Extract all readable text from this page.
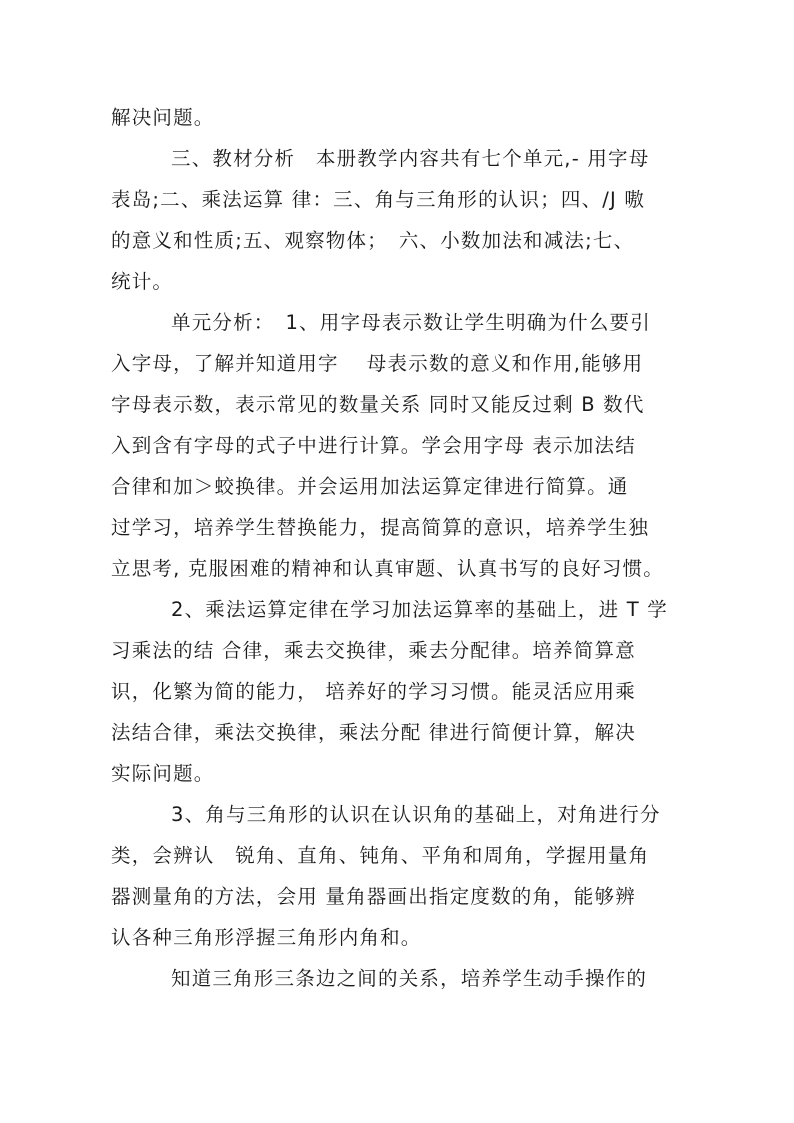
解决问题。
三、教材分析　本册教学内容共有七个单元,- 用字母
表岛;二、乘法运算 律：三、角与三角形的认识；四、/J 嗷
的意义和性质;五、观察物体；　六、小数加法和减法;七、
统计。
单元分析：　1、用字母表示数让学生明确为什么要引
入字母，了解并知道用字　 母表示数的意义和作用,能够用
字母表示数，表示常见的数量关系 同时又能反过剩 B 数代
入到含有字母的式子中进行计算。学会用字母 表示加法结
合律和加＞蛟换律。并会运用加法运算定律进行简算。通
过学习，培养学生替换能力，提高简算的意识，培养学生独
立思考, 克服困难的精神和认真审题、认真书写的良好习惯。
2、乘法运算定律在学习加法运算率的基础上，进 T 学
习乘法的结 合律，乘去交换律，乘去分配律。培养简算意
识，化繁为简的能力， 培养好的学习习惯。能灵活应用乘
法结合律，乘法交换律，乘法分配 律进行简便计算，解决
实际问题。
3、角与三角形的认识在认识角的基础上，对角进行分
类，会辨认　锐角、直角、钝角、平角和周角，学握用量角
器测量角的方法，会用 量角器画出指定度数的角，能够辨
认各种三角形浮握三角形内角和。
知道三角形三条边之间的关系，培养学生动手操作的
